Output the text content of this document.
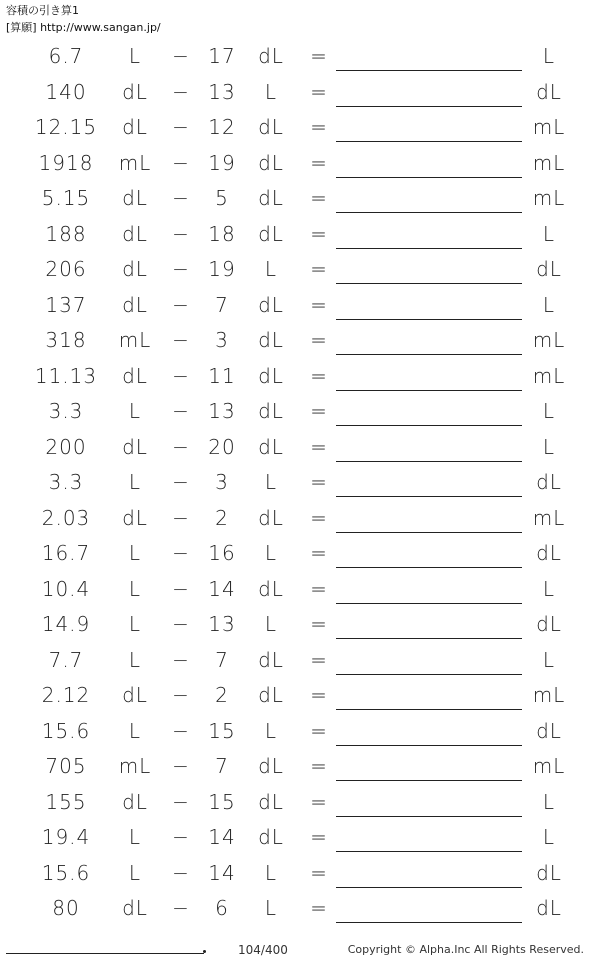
容積の引き算1
[算願] http://www.sangan.jp/
6.7	L	− 17	dL	=	L
140	dL	− 13	L	=	dL
12.15	dL	− 12	dL	=	mL
1918	mL	− 19	dL	=	mL
5.15	dL	−	5	dL	=	mL
188	dL	− 18	dL	=	L
206	dL	− 19	L	=	dL
137	dL	−	7	dL	=	L
318	mL	−	3	dL	=	mL
11.13	dL	− 11	dL	=	mL
3.3	L	− 13	dL	=	L
200	dL	− 20	dL	=	L
3.3	L	−	3	L	=	dL
2.03	dL	−	2	dL	=	mL
16.7	L	− 16	L	=	dL
10.4	L	− 14	dL	=	L
14.9	L	− 13	L	=	dL
7.7	L	−	7	dL	=	L
2.12	dL	−	2	dL	=	mL
15.6	L	− 15	L	=	dL
705	mL	−	7	dL	=	mL
155	dL	− 15	dL	=	L
19.4	L	− 14	dL	=	L
15.6	L	− 14	L	=	dL
80	dL	−	6	L	=	dL
104/400	Copyright © Alpha.Inc All Rights Reserved.
